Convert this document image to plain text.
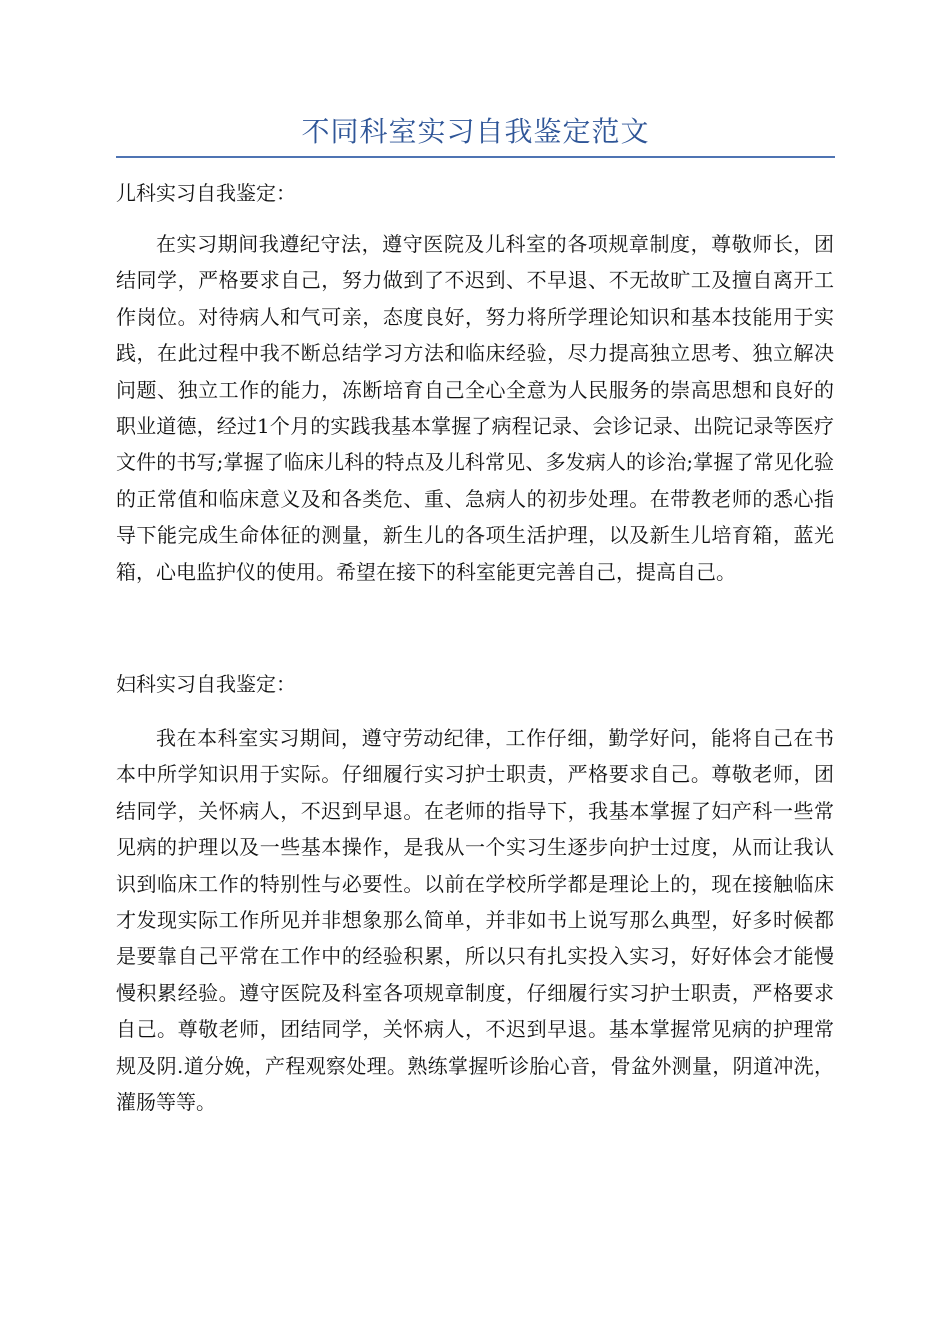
不同科室实习自我鉴定范文
儿科实习自我鉴定：

在实习期间我遵纪守法，遵守医院及儿科室的各项规章制度，尊敬师长，团结同学，严格要求自己，努力做到了不迟到、不早退、不无故旷工及擅自离开工作岗位。对待病人和气可亲，态度良好，努力将所学理论知识和基本技能用于实践，在此过程中我不断总结学习方法和临床经验，尽力提高独立思考、独立解决问题、独立工作的能力，冻断培育自己全心全意为人民服务的崇高思想和良好的职业道德，经过1个月的实践我基本掌握了病程记录、会诊记录、出院记录等医疗文件的书写;掌握了临床儿科的特点及儿科常见、多发病人的诊治;掌握了常见化验的正常值和临床意义及和各类危、重、急病人的初步处理。在带教老师的悉心指导下能完成生命体征的测量，新生儿的各项生活护理，以及新生儿培育箱，蓝光箱，心电监护仪的使用。希望在接下的科室能更完善自己，提高自己。

妇科实习自我鉴定：

我在本科室实习期间，遵守劳动纪律，工作仔细，勤学好问，能将自己在书本中所学知识用于实际。仔细履行实习护士职责，严格要求自己。尊敬老师，团结同学，关怀病人，不迟到早退。在老师的指导下，我基本掌握了妇产科一些常见病的护理以及一些基本操作，是我从一个实习生逐步向护士过度，从而让我认识到临床工作的特别性与必要性。以前在学校所学都是理论上的，现在接触临床才发现实际工作所见并非想象那么简单，并非如书上说写那么典型，好多时候都是要靠自己平常在工作中的经验积累，所以只有扎实投入实习，好好体会才能慢慢积累经验。遵守医院及科室各项规章制度，仔细履行实习护士职责，严格要求自己。尊敬老师，团结同学，关怀病人，不迟到早退。基本掌握常见病的护理常规及阴.道分娩，产程观察处理。熟练掌握听诊胎心音，骨盆外测量，阴道冲洗，灌肠等等。
